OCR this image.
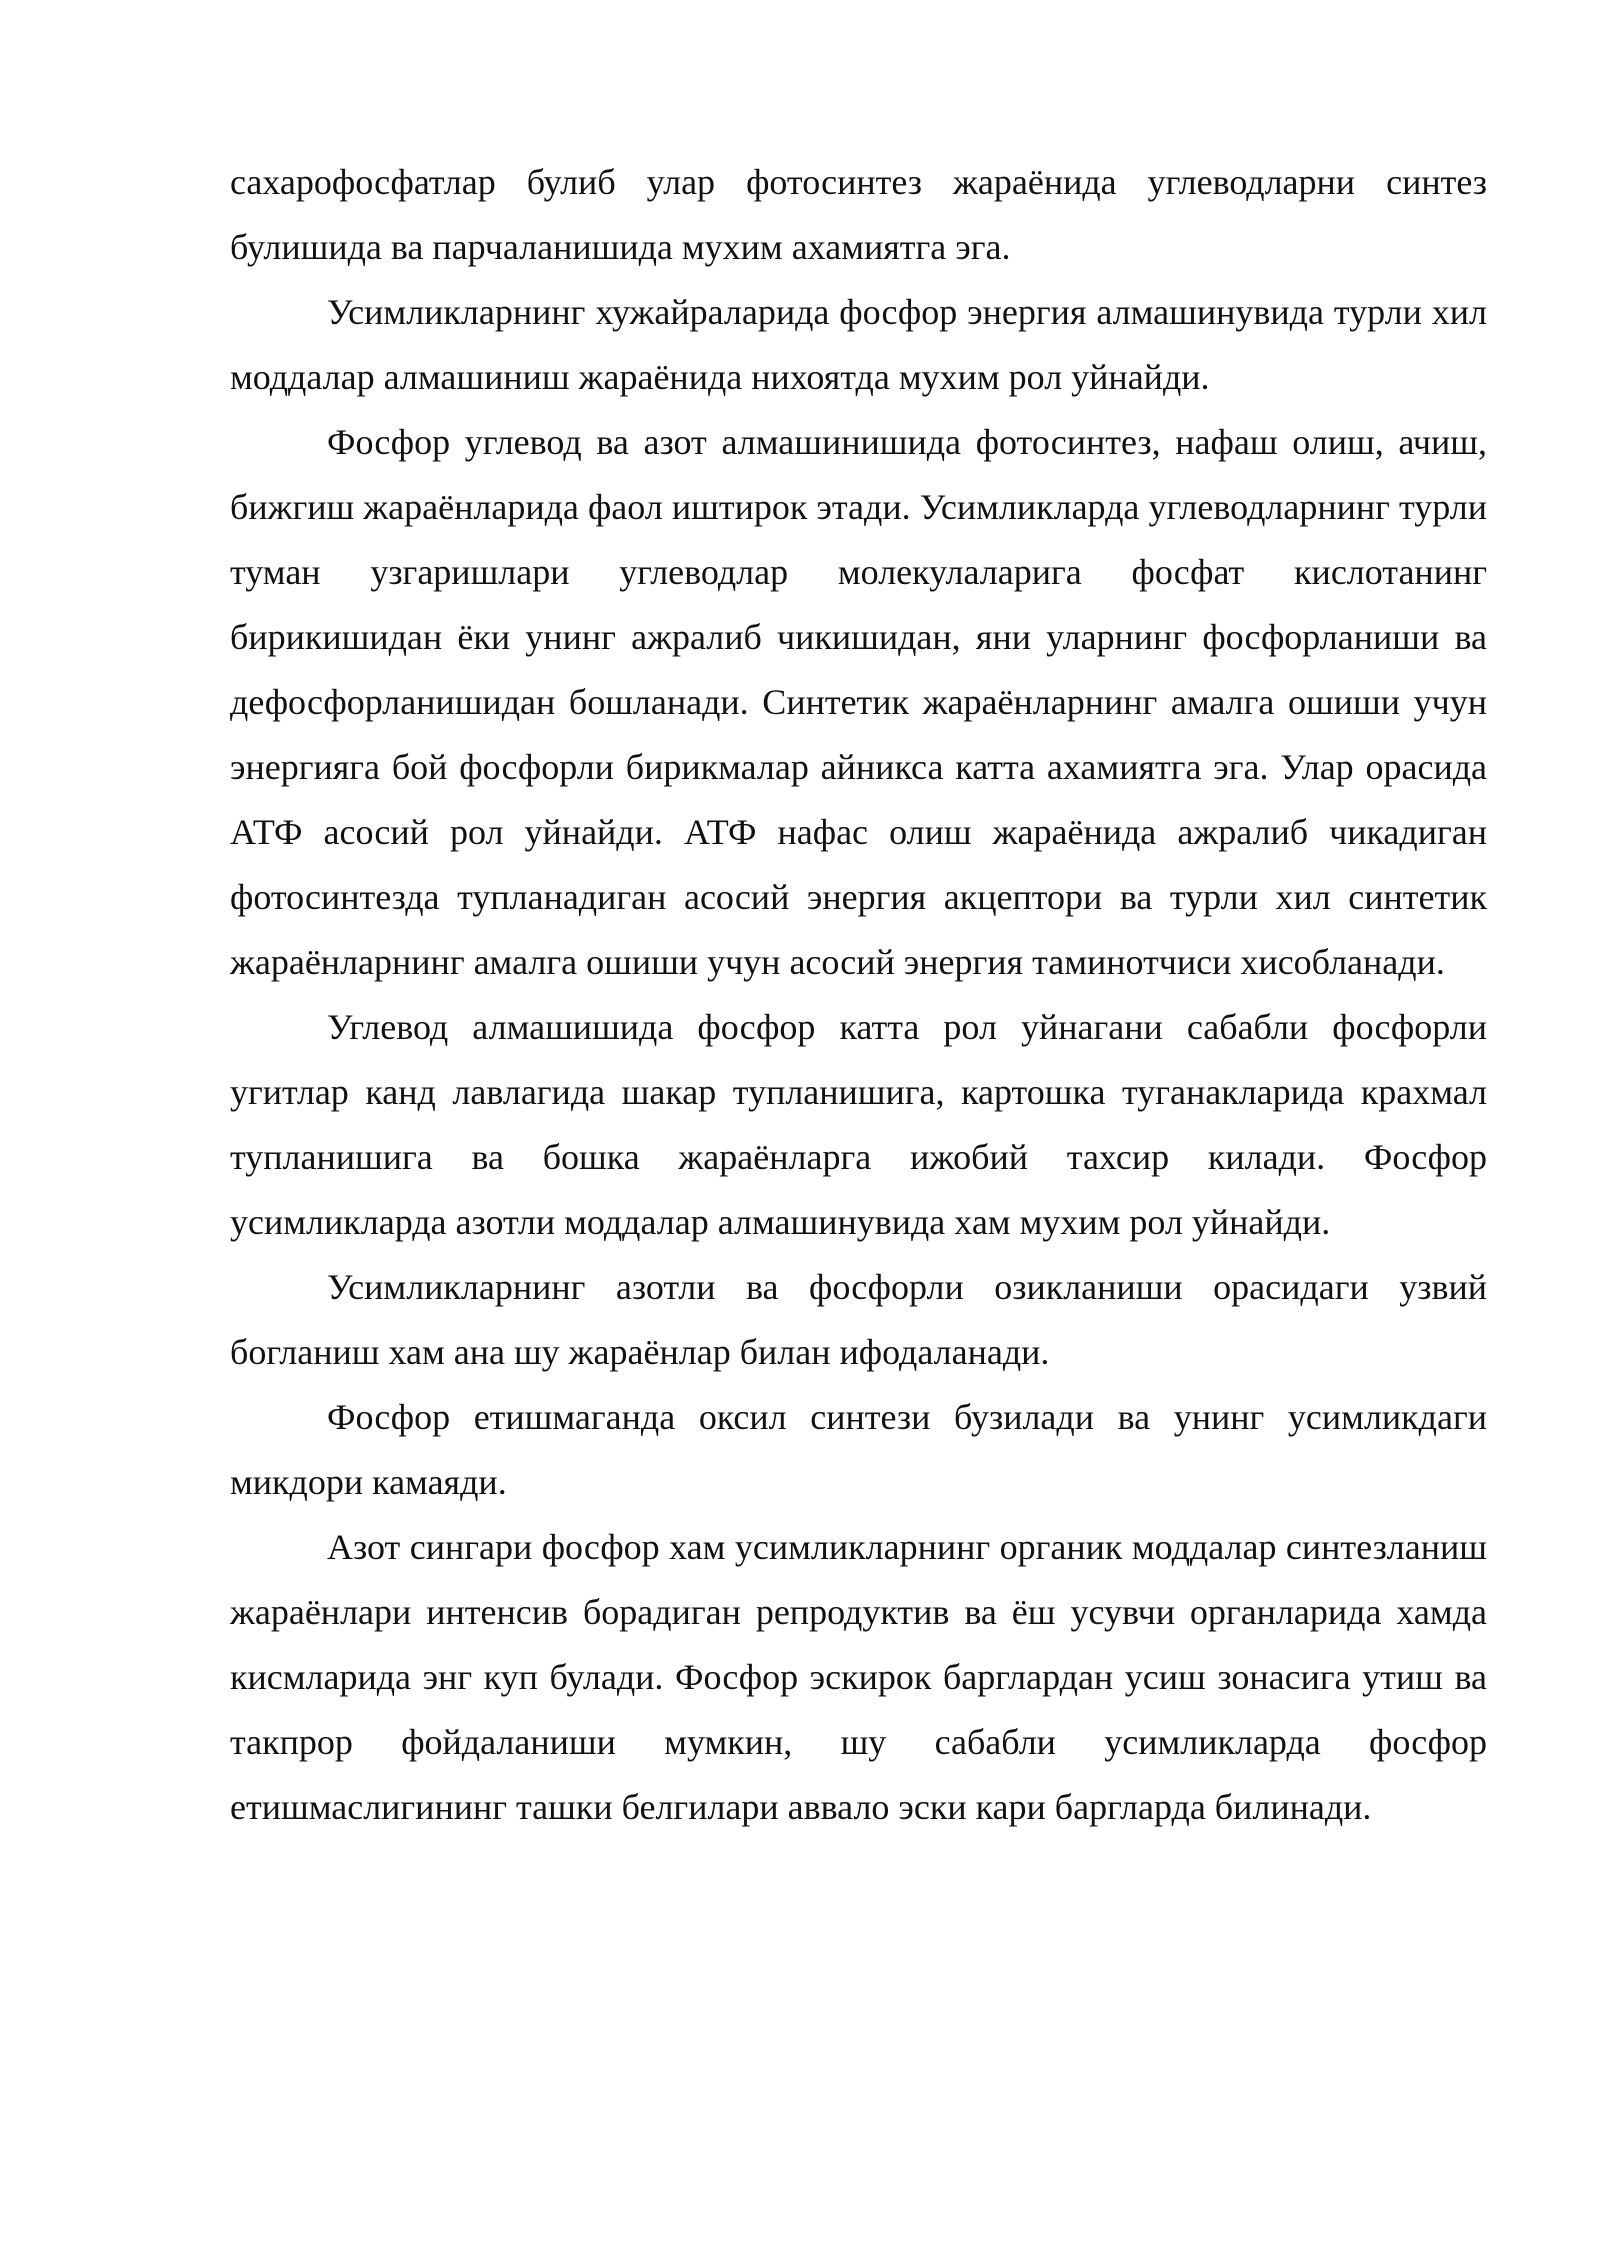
сахарофосфатлар булиб улар фотосинтез жараёнида углеводларни синтез булишида ва парчаланишида мухим ахамиятга эга.

Усимликларнинг хужайраларида фосфор энергия алмашинувида турли хил моддалар алмашиниш жараёнида нихоятда мухим рол уйнайди.

Фосфор углевод ва азот алмашинишида фотосинтез, нафаш олиш, ачиш, бижгиш жараёнларида фаол иштирок этади. Усимликларда углеводларнинг турли туман узгаришлари углеводлар молекулаларига фосфат кислотанинг бирикишидан ёки унинг ажралиб чикишидан, яни уларнинг фосфорланиши ва дефосфорланишидан бошланади. Синтетик жараёнларнинг амалга ошиши учун энергияга бой фосфорли бирикмалар айникса катта ахамиятга эга. Улар орасида АТФ асосий рол уйнайди. АТФ нафас олиш жараёнида ажралиб чикадиган фотосинтезда тупланадиган асосий энергия акцептори ва турли хил синтетик жараёнларнинг амалга ошиши учун асосий энергия таминотчиси хисобланади.

Углевод алмашишида фосфор катта рол уйнагани сабабли фосфорли угитлар канд лавлагида шакар тупланишига, картошка туганакларида крахмал тупланишига ва бошка жараёнларга ижобий тахсир килади. Фосфор усимликларда азотли моддалар алмашинувида хам мухим рол уйнайди.

Усимликларнинг азотли ва фосфорли озикланиши орасидаги узвий богланиш хам ана шу жараёнлар билан ифодаланади.

Фосфор етишмаганда оксил синтези бузилади ва унинг усимликдаги микдори камаяди.

Азот сингари фосфор хам усимликларнинг органик моддалар синтезланиш жараёнлари интенсив борадиган репродуктив ва ёш усувчи органларида хамда кисмларида энг куп булади. Фосфор эскирок барглардан усиш зонасига утиш ва такпрор фойдаланиши мумкин, шу сабабли усимликларда фосфор етишмаслигининг ташки белгилари аввало эски кари баргларда билинади.
